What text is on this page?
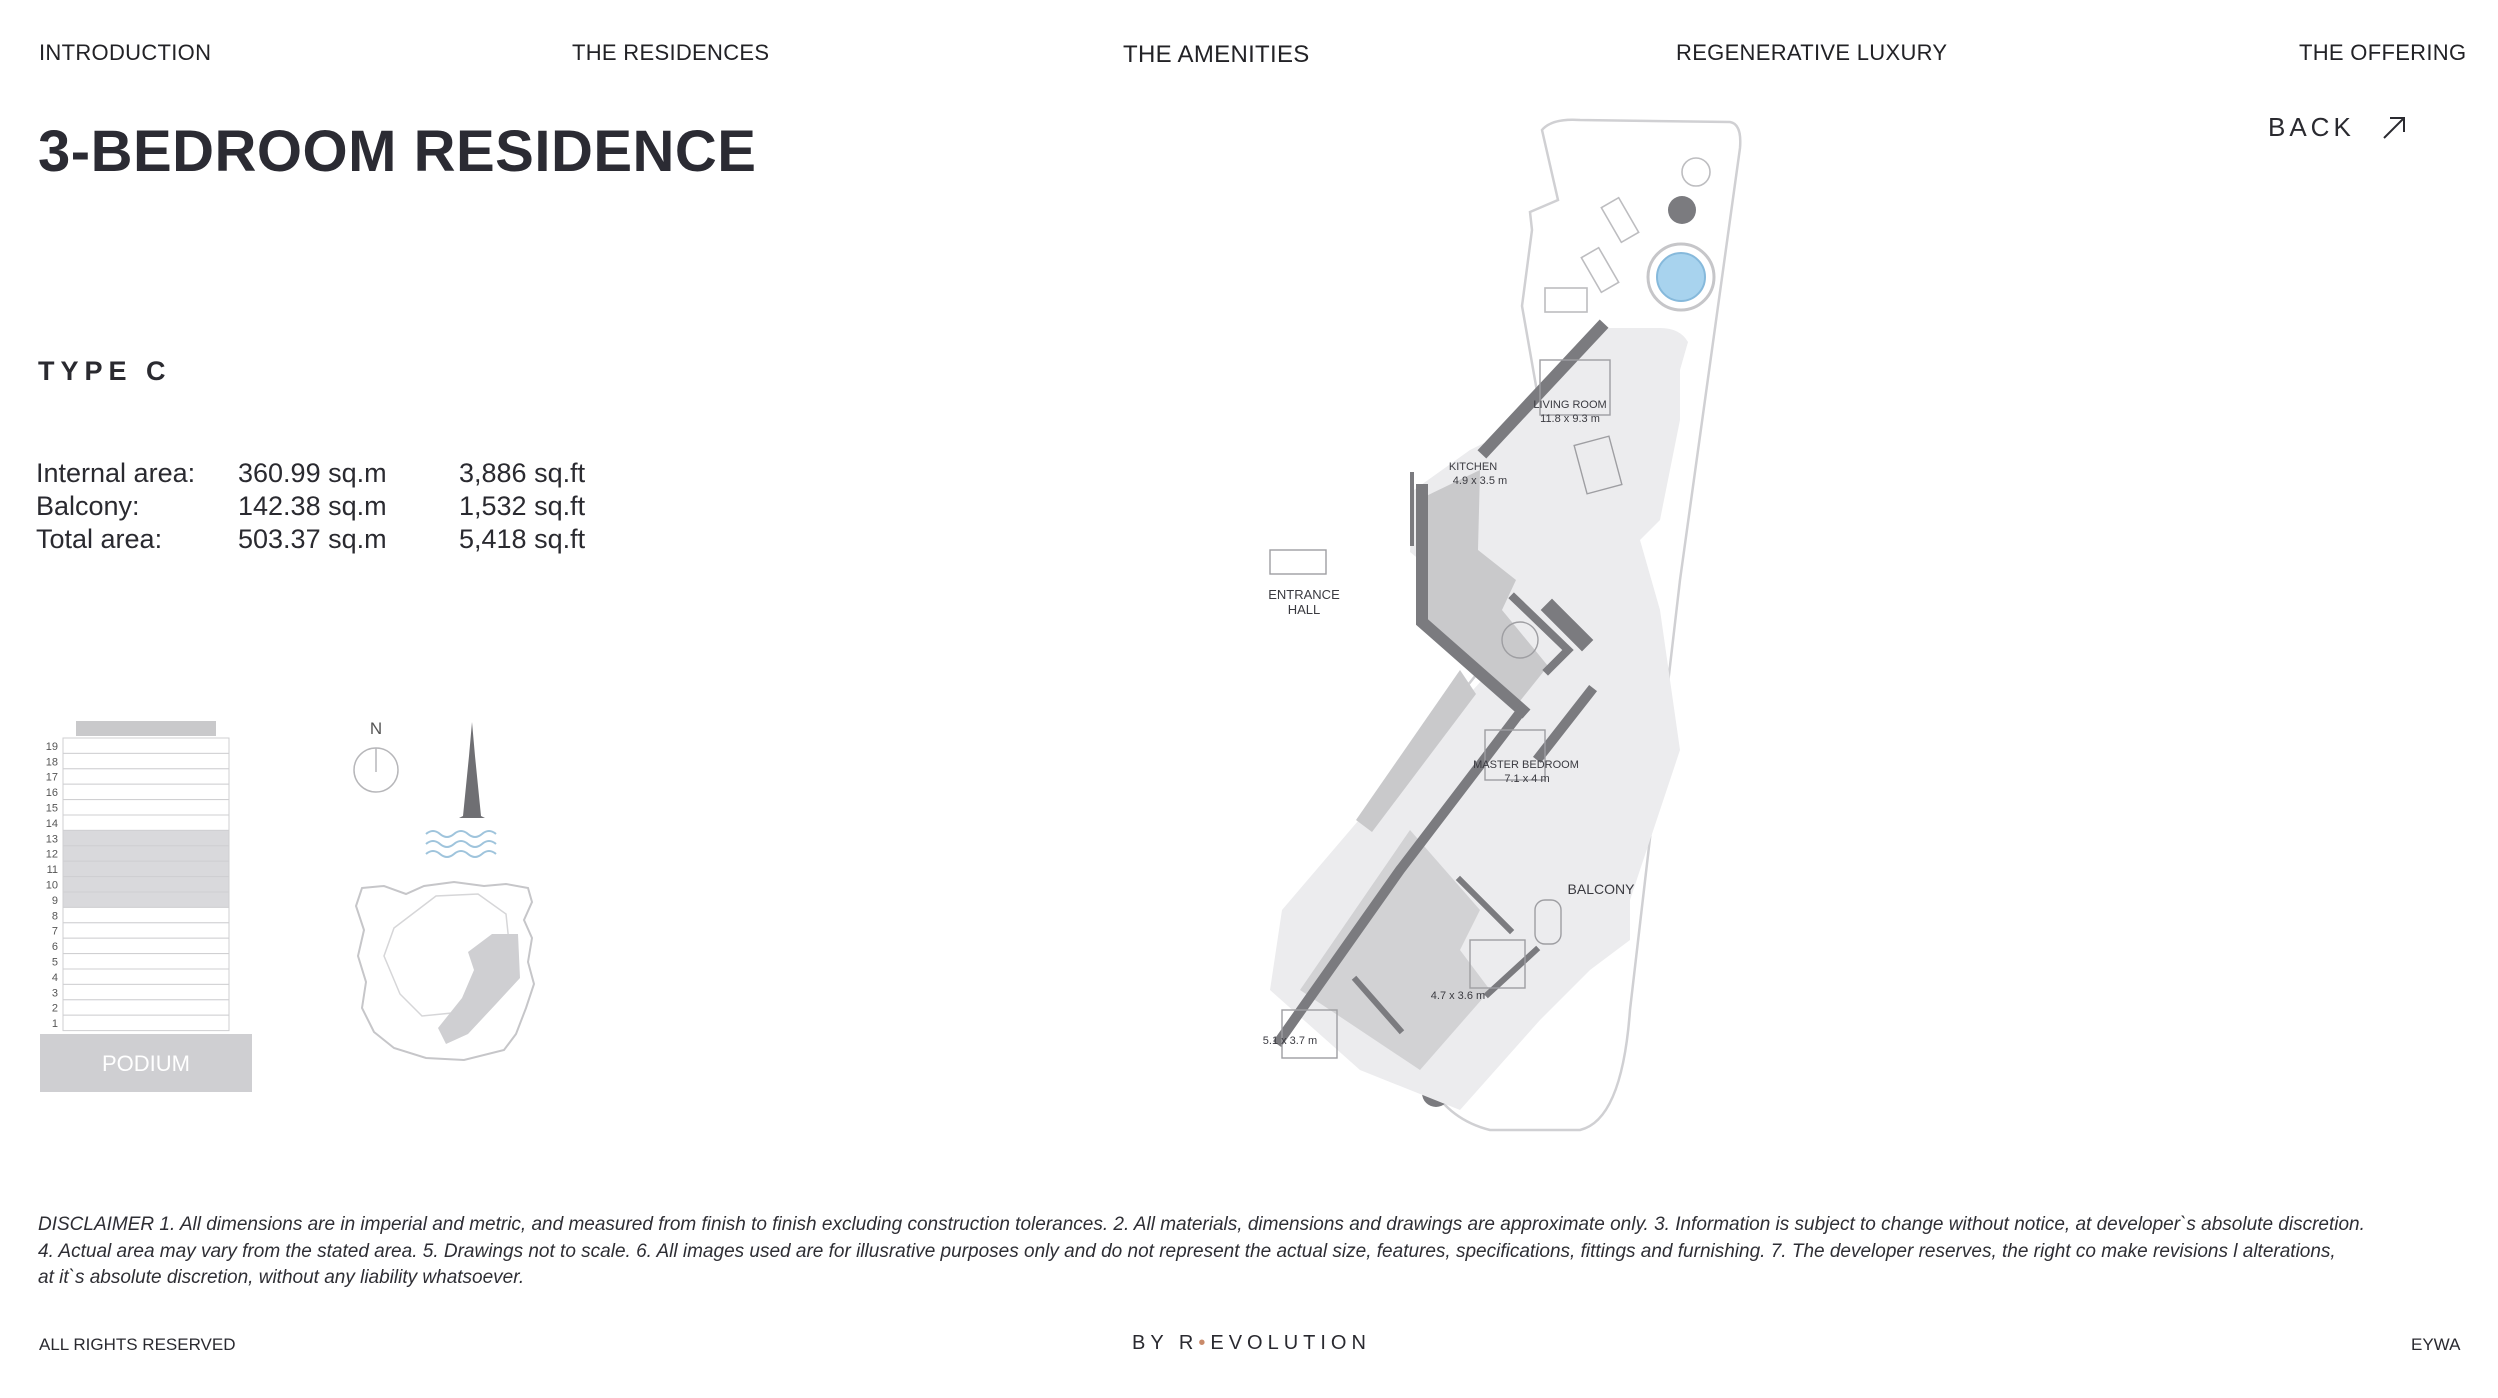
INTRODUCTION	THE RESIDENCES	THE AMENITIES	REGENERATIVE LUXURY	THE OFFERING
3-BEDROOM RESIDENCE	BACK
TYPE C
Internal area:	360.99 sq.m	3,886 sq.ft
Balcony:	142.38 sq.m	1,532 sq.ft
Total area:	503.37 sq.m	5,418 sq.ft
19
18
17
16
15
14
13
12
11
10
9
8
7
6
5
4
3
2
1
PODIUM
N
LIVING ROOM
11.8 x 9.3 m
KITCHEN
4.9 x 3.5 m
ENTRANCE
HALL
MASTER BEDROOM
7.1 x 4 m
BALCONY
4.7 x 3.6 m
5.1 x 3.7 m
DISCLAIMER 1. All dimensions are in imperial and metric, and measured from finish to finish excluding construction tolerances. 2. All materials, dimensions and drawings are approximate only. 3. Information is subject to change without notice, at developer`s absolute discretion.
4. Actual area may vary from the stated area. 5. Drawings not to scale. 6. All images used are for illusrative purposes only and do not represent the actual size, features, specifications, fittings and furnishing. 7. The developer reserves, the right co make revisions l alterations,
at it`s absolute discretion, without any liability whatsoever.
ALL RIGHTS RESERVED	BY R•EVOLUTION	EYWA
